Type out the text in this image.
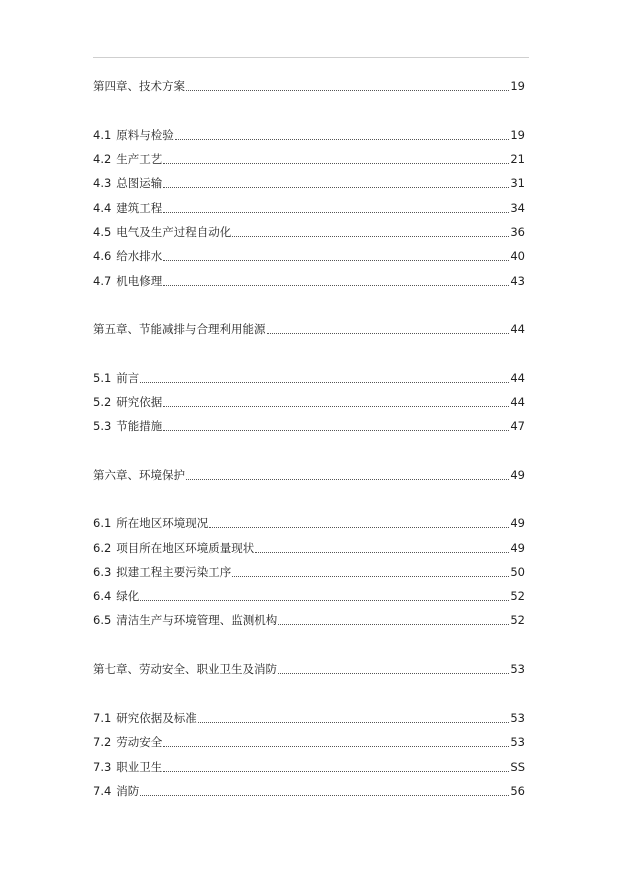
第四章、技术方案	19
4.1 原料与检验	19
4.2 生产工艺	21
4.3 总图运输	31
4.4 建筑工程	34
4.5 电气及生产过程自动化	36
4.6 给水排水	40
4.7 机电修理	43
第五章、节能减排与合理利用能源	44
5.1 前言	44
5.2 研究依据	44
5.3 节能措施	47
第六章、环境保护	49
6.1 所在地区环境现况	49
6.2 项目所在地区环境质量现状	49
6.3 拟建工程主要污染工序	50
6.4 绿化	52
6.5 清洁生产与环境管理、监测机构	52
第七章、劳动安全、职业卫生及消防	53
7.1 研究依据及标准	53
7.2 劳动安全	53
7.3 职业卫生	SS
7.4 消防	56
